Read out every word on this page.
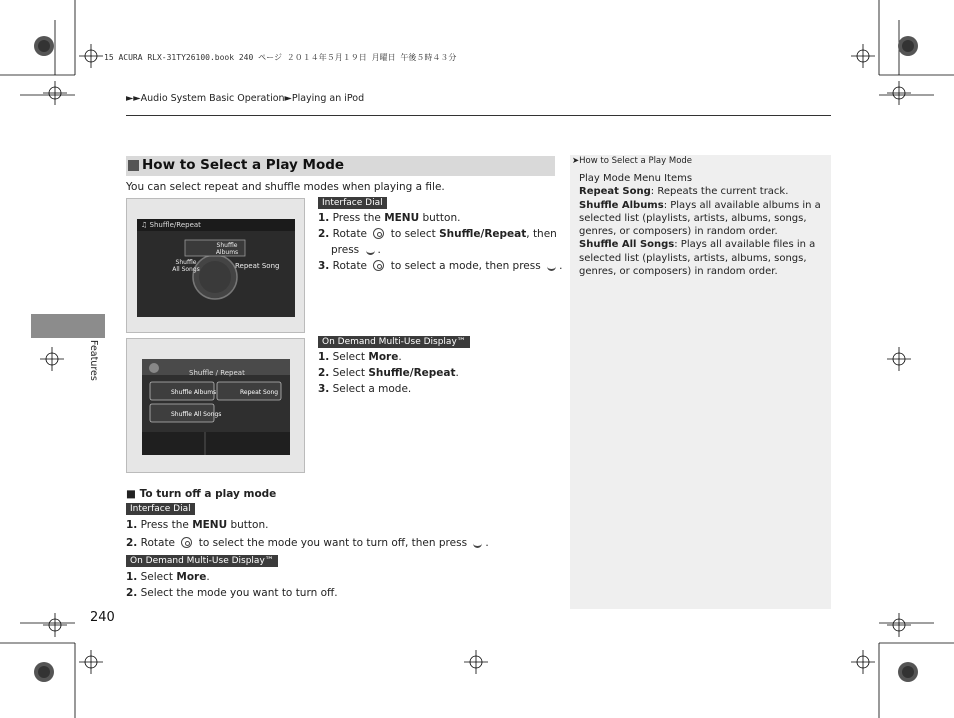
15 ACURA RLX-31TY26100.book 240 ページ ２０１４年５月１９日 月曜日 午後５時４３分
►►Audio System Basic Operation►Playing an iPod
How to Select a Play Mode
You can select repeat and shuffle modes when playing a file.
♫ Shuffle/Repeat
Shuffle Albums
Shuffle All Songs	Repeat Song
Interface Dial
1. Press the MENU button.
2. Rotate  to select Shuffle/Repeat, then
press .
3. Rotate  to select a mode, then press .
Shuffle / Repeat
Shuffle Albums	Repeat Song
Shuffle All Songs
On Demand Multi-Use Display™
1. Select More.
2. Select Shuffle/Repeat.
3. Select a mode.
■ To turn off a play mode
Interface Dial
1. Press the MENU button.
2. Rotate  to select the mode you want to turn off, then press .
On Demand Multi-Use Display™
1. Select More.
2. Select the mode you want to turn off.
Features
240
➤How to Select a Play Mode
Play Mode Menu Items
Repeat Song: Repeats the current track.
Shuffle Albums: Plays all available albums in a selected list (playlists, artists, albums, songs, genres, or composers) in random order.
Shuffle All Songs: Plays all available files in a selected list (playlists, artists, albums, songs, genres, or composers) in random order.
